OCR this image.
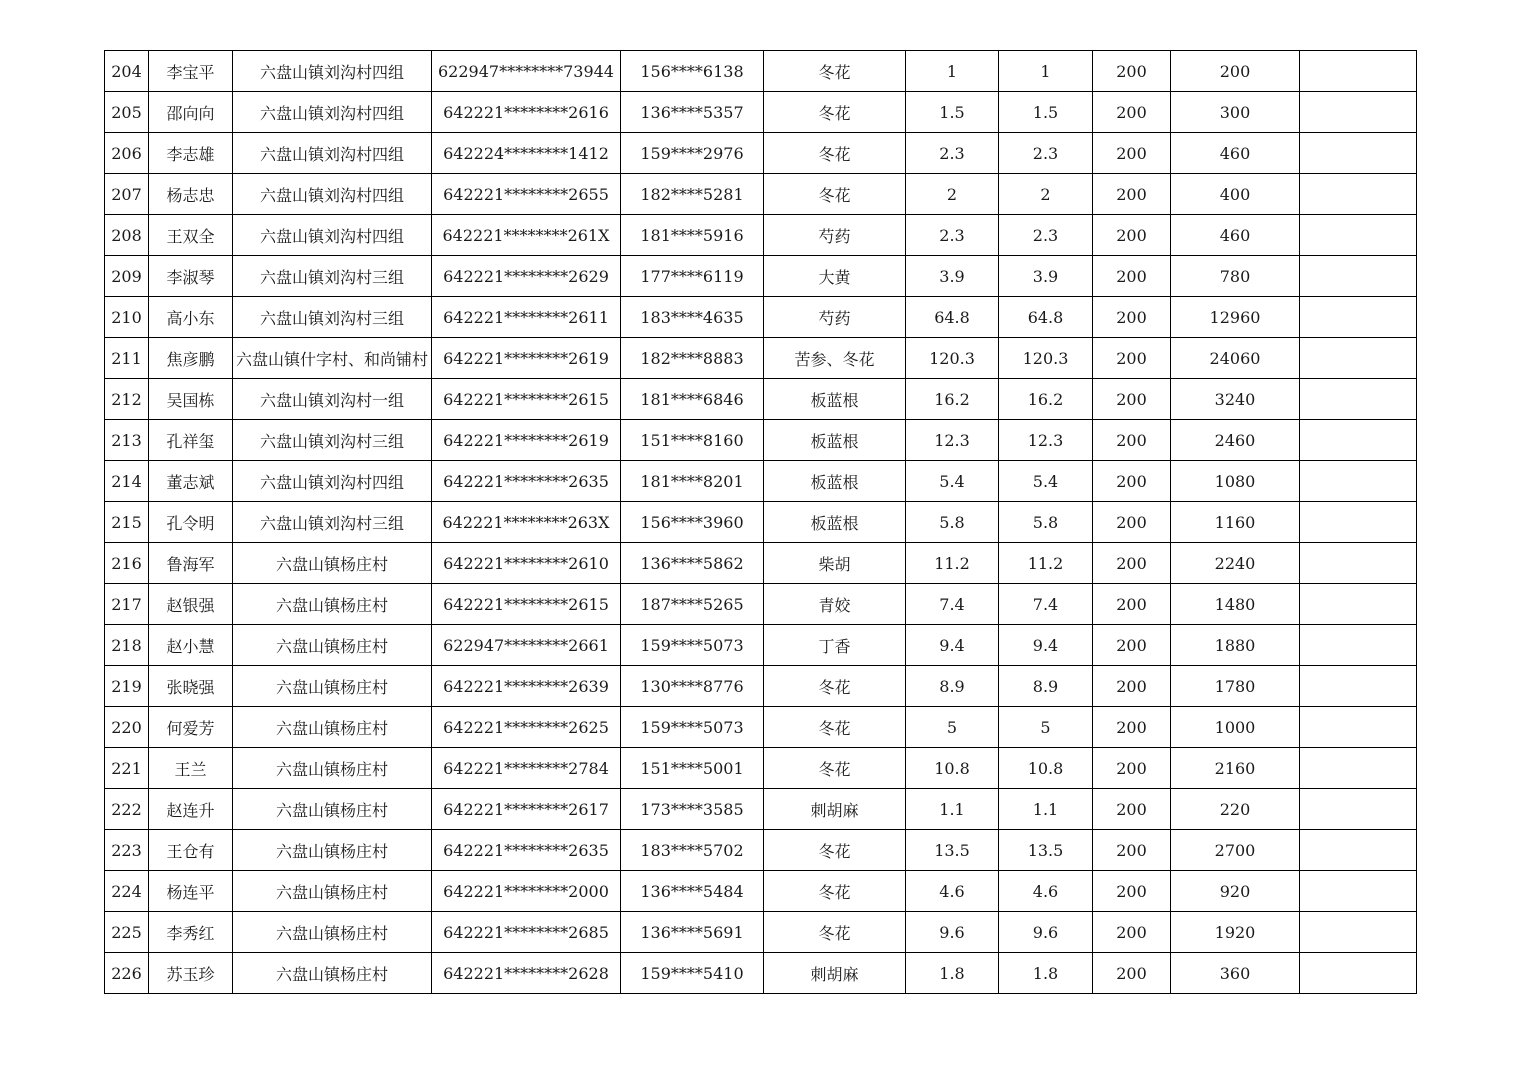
204	李宝平	六盘山镇刘沟村四组	622947********73944	156****6138	冬花	1	1	200	200	
205	邵向向	六盘山镇刘沟村四组	642221********2616	136****5357	冬花	1.5	1.5	200	300	
206	李志雄	六盘山镇刘沟村四组	642224********1412	159****2976	冬花	2.3	2.3	200	460	
207	杨志忠	六盘山镇刘沟村四组	642221********2655	182****5281	冬花	2	2	200	400	
208	王双全	六盘山镇刘沟村四组	642221********261X	181****5916	芍药	2.3	2.3	200	460	
209	李淑琴	六盘山镇刘沟村三组	642221********2629	177****6119	大黄	3.9	3.9	200	780	
210	高小东	六盘山镇刘沟村三组	642221********2611	183****4635	芍药	64.8	64.8	200	12960	
211	焦彦鹏	六盘山镇什字村、和尚铺村	642221********2619	182****8883	苦参、冬花	120.3	120.3	200	24060	
212	吴国栋	六盘山镇刘沟村一组	642221********2615	181****6846	板蓝根	16.2	16.2	200	3240	
213	孔祥玺	六盘山镇刘沟村三组	642221********2619	151****8160	板蓝根	12.3	12.3	200	2460	
214	董志斌	六盘山镇刘沟村四组	642221********2635	181****8201	板蓝根	5.4	5.4	200	1080	
215	孔令明	六盘山镇刘沟村三组	642221********263X	156****3960	板蓝根	5.8	5.8	200	1160	
216	鲁海军	六盘山镇杨庄村	642221********2610	136****5862	柴胡	11.2	11.2	200	2240	
217	赵银强	六盘山镇杨庄村	642221********2615	187****5265	青姣	7.4	7.4	200	1480	
218	赵小慧	六盘山镇杨庄村	622947********2661	159****5073	丁香	9.4	9.4	200	1880	
219	张晓强	六盘山镇杨庄村	642221********2639	130****8776	冬花	8.9	8.9	200	1780	
220	何爱芳	六盘山镇杨庄村	642221********2625	159****5073	冬花	5	5	200	1000	
221	王兰	六盘山镇杨庄村	642221********2784	151****5001	冬花	10.8	10.8	200	2160	
222	赵连升	六盘山镇杨庄村	642221********2617	173****3585	刺胡麻	1.1	1.1	200	220	
223	王仓有	六盘山镇杨庄村	642221********2635	183****5702	冬花	13.5	13.5	200	2700	
224	杨连平	六盘山镇杨庄村	642221********2000	136****5484	冬花	4.6	4.6	200	920	
225	李秀红	六盘山镇杨庄村	642221********2685	136****5691	冬花	9.6	9.6	200	1920	
226	苏玉珍	六盘山镇杨庄村	642221********2628	159****5410	刺胡麻	1.8	1.8	200	360	
